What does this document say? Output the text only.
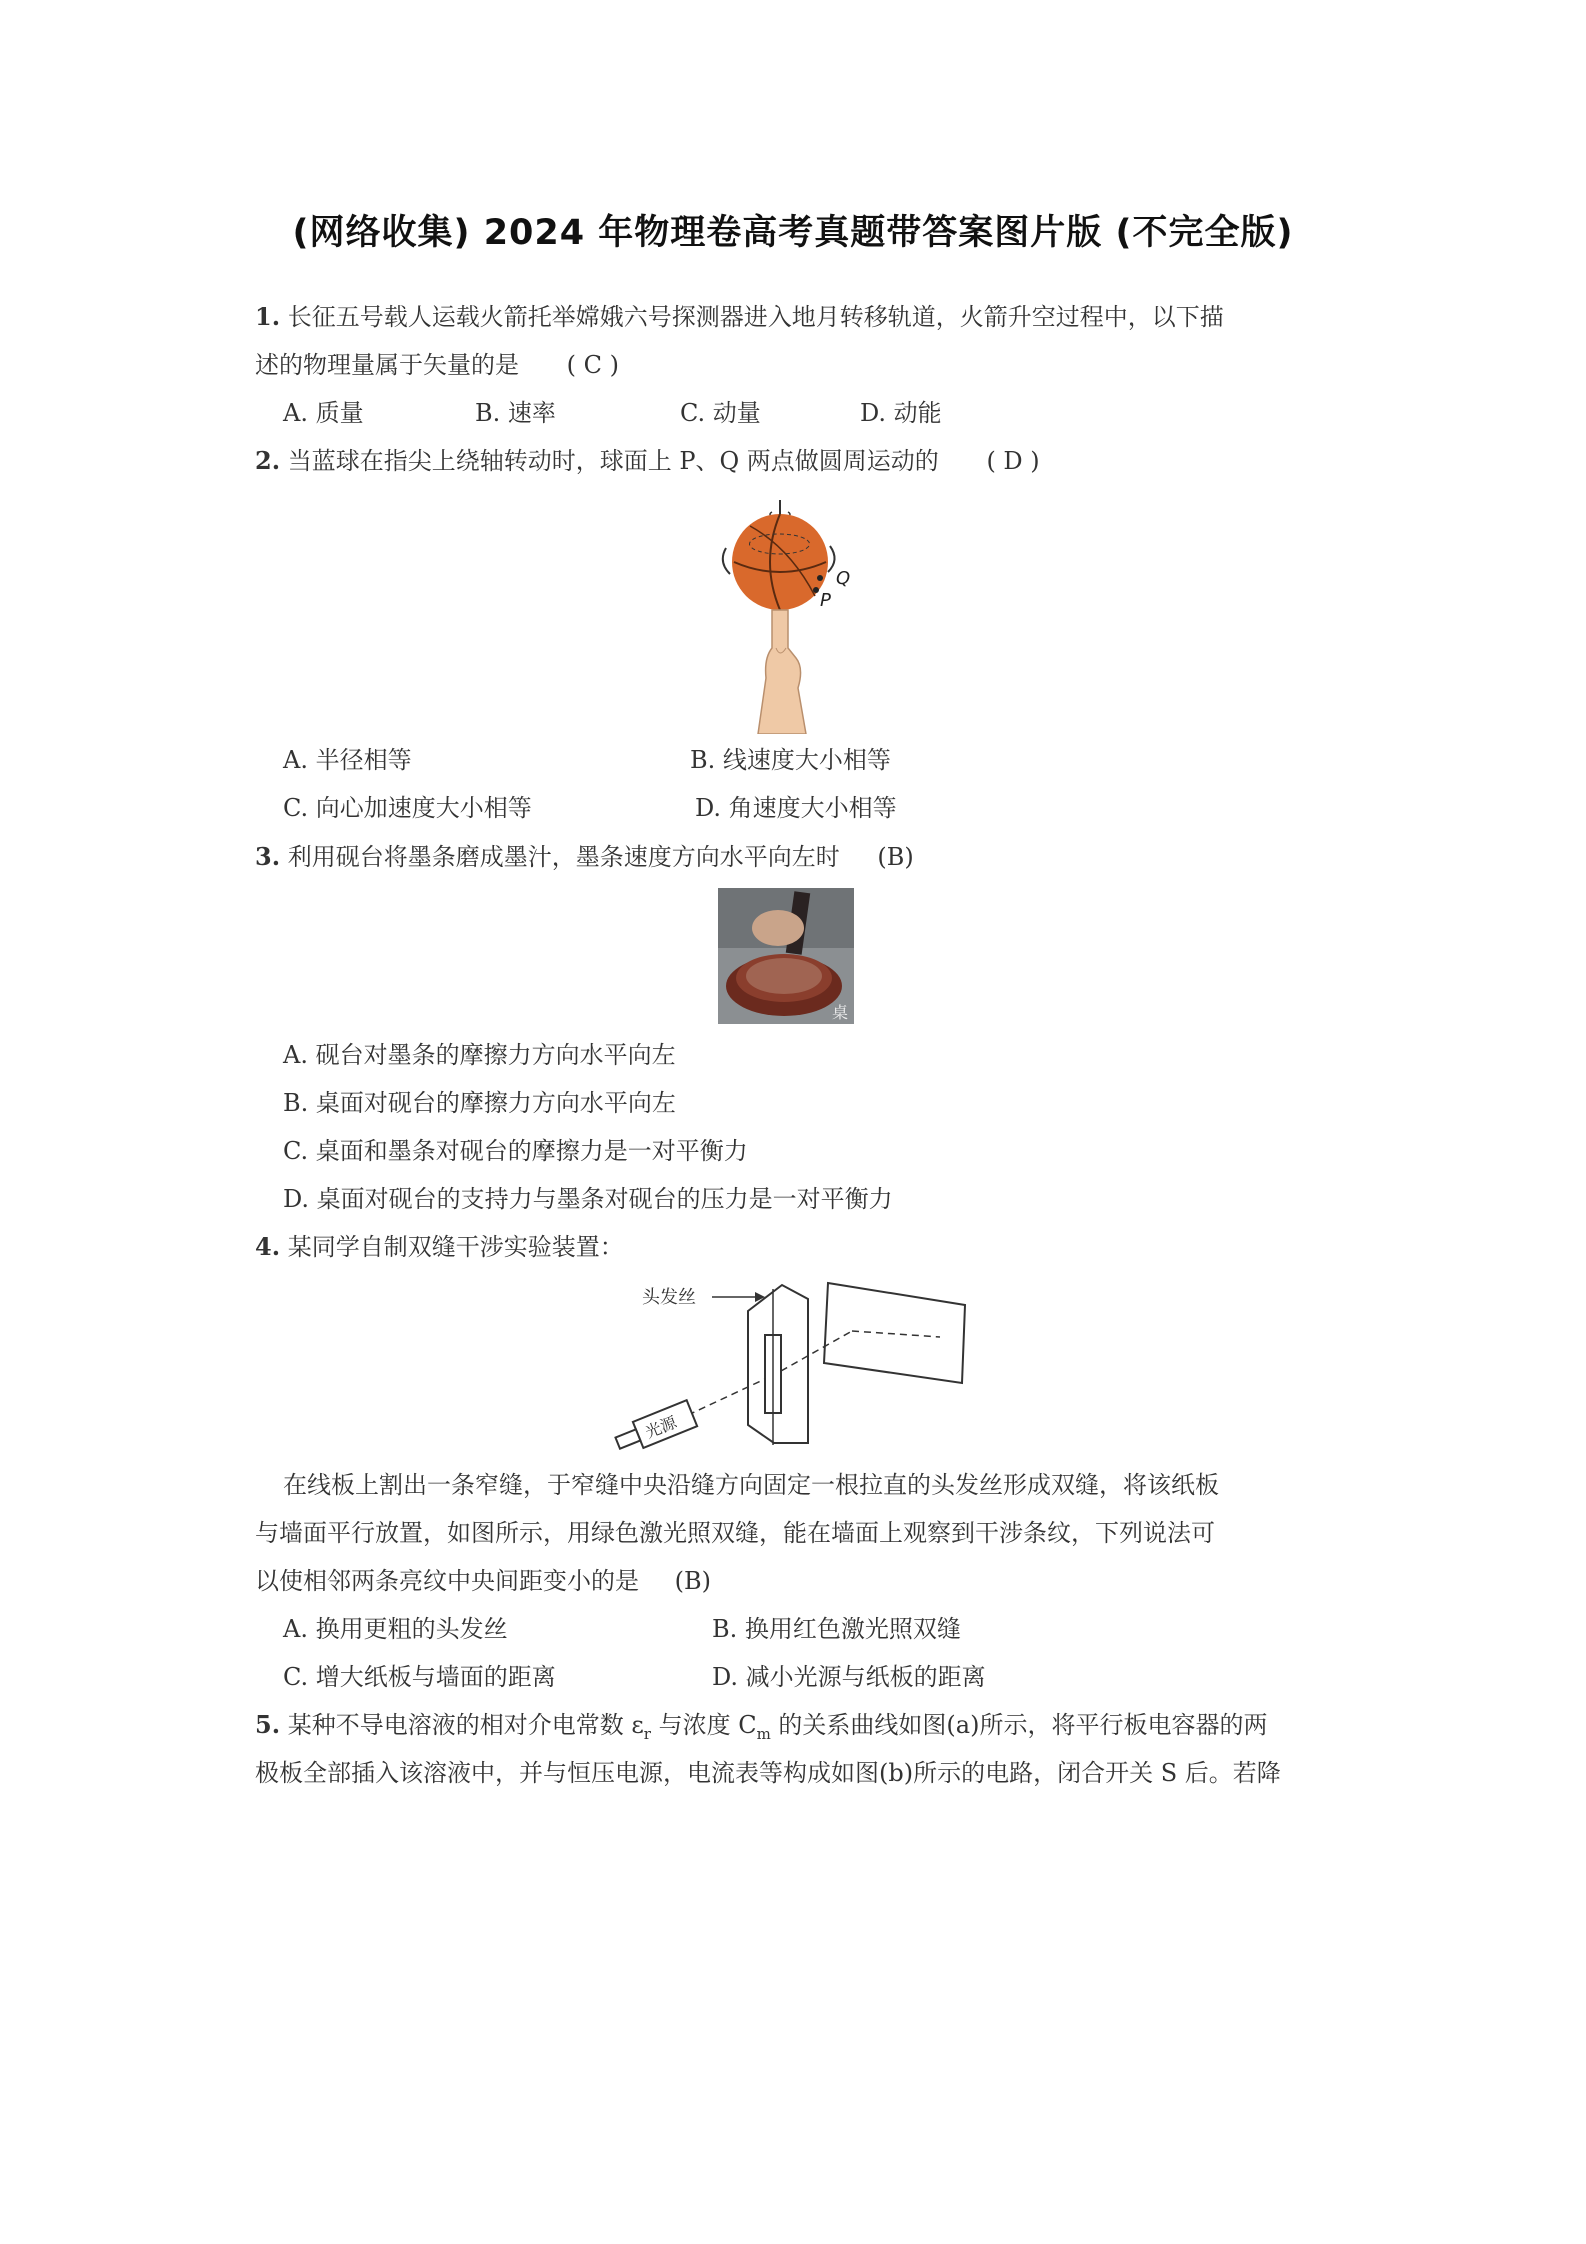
(网络收集) 2024 年物理卷高考真题带答案图片版 (不完全版)
1. 长征五号载人运载火箭托举嫦娥六号探测器进入地月转移轨道，火箭升空过程中，以下描
述的物理量属于矢量的是 ( C )
A. 质量	B. 速率	C. 动量	D. 动能
2. 当蓝球在指尖上绕轴转动时，球面上 P、Q 两点做圆周运动的 ( D )
Q
P
A. 半径相等	B. 线速度大小相等
C. 向心加速度大小相等	D. 角速度大小相等
3. 利用砚台将墨条磨成墨汁，墨条速度方向水平向左时 (B)
桌
A. 砚台对墨条的摩擦力方向水平向左
B. 桌面对砚台的摩擦力方向水平向左
C. 桌面和墨条对砚台的摩擦力是一对平衡力
D. 桌面对砚台的支持力与墨条对砚台的压力是一对平衡力
4. 某同学自制双缝干涉实验装置：
头发丝
光源
在线板上割出一条窄缝，于窄缝中央沿缝方向固定一根拉直的头发丝形成双缝，将该纸板
与墙面平行放置，如图所示，用绿色激光照双缝，能在墙面上观察到干涉条纹，下列说法可
以使相邻两条亮纹中央间距变小的是 (B)
A. 换用更粗的头发丝	B. 换用红色激光照双缝
C. 增大纸板与墙面的距离	D. 减小光源与纸板的距离
5. 某种不导电溶液的相对介电常数 $\varepsilon_r$ 与浓度 $C_m$ 的关系曲线如图(a)所示，将平行板电容器的两
极板全部插入该溶液中，并与恒压电源，电流表等构成如图(b)所示的电路，闭合开关 S 后。若降
